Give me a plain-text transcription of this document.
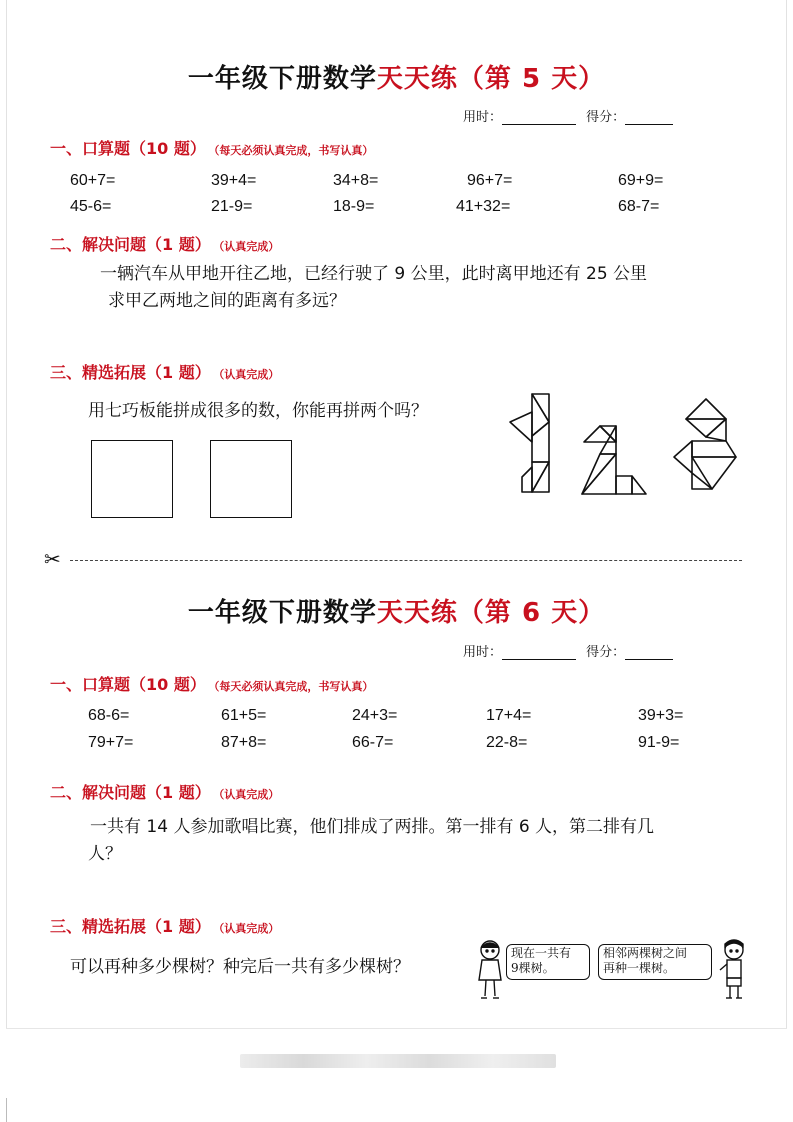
一年级下册数学天天练（第 5 天）
用时：	得分：
一、口算题（10 题） （每天必须认真完成，书写认真）
60+7=	39+4=	34+8=	96+7=	69+9=
45-6=	21-9=	18-9=	41+32=	68-7=
二、解决问题（1 题） （认真完成）
一辆汽车从甲地开往乙地，已经行驶了 9 公里，此时离甲地还有 25 公里
求甲乙两地之间的距离有多远？
三、精选拓展（1 题） （认真完成）
用七巧板能拼成很多的数，你能再拼两个吗？
✂
一年级下册数学天天练（第 6 天）
用时：	得分：
一、口算题（10 题） （每天必须认真完成，书写认真）
68-6=	61+5=	24+3=	17+4=	39+3=
79+7=	87+8=	66-7=	22-8=	91-9=
二、解决问题（1 题） （认真完成）
一共有 14 人参加歌唱比赛，他们排成了两排。第一排有 6 人，第二排有几
人？
三、精选拓展（1 题） （认真完成）
可以再种多少棵树？种完后一共有多少棵树？
现在一共有
9棵树。
相邻两棵树之间
再种一棵树。
